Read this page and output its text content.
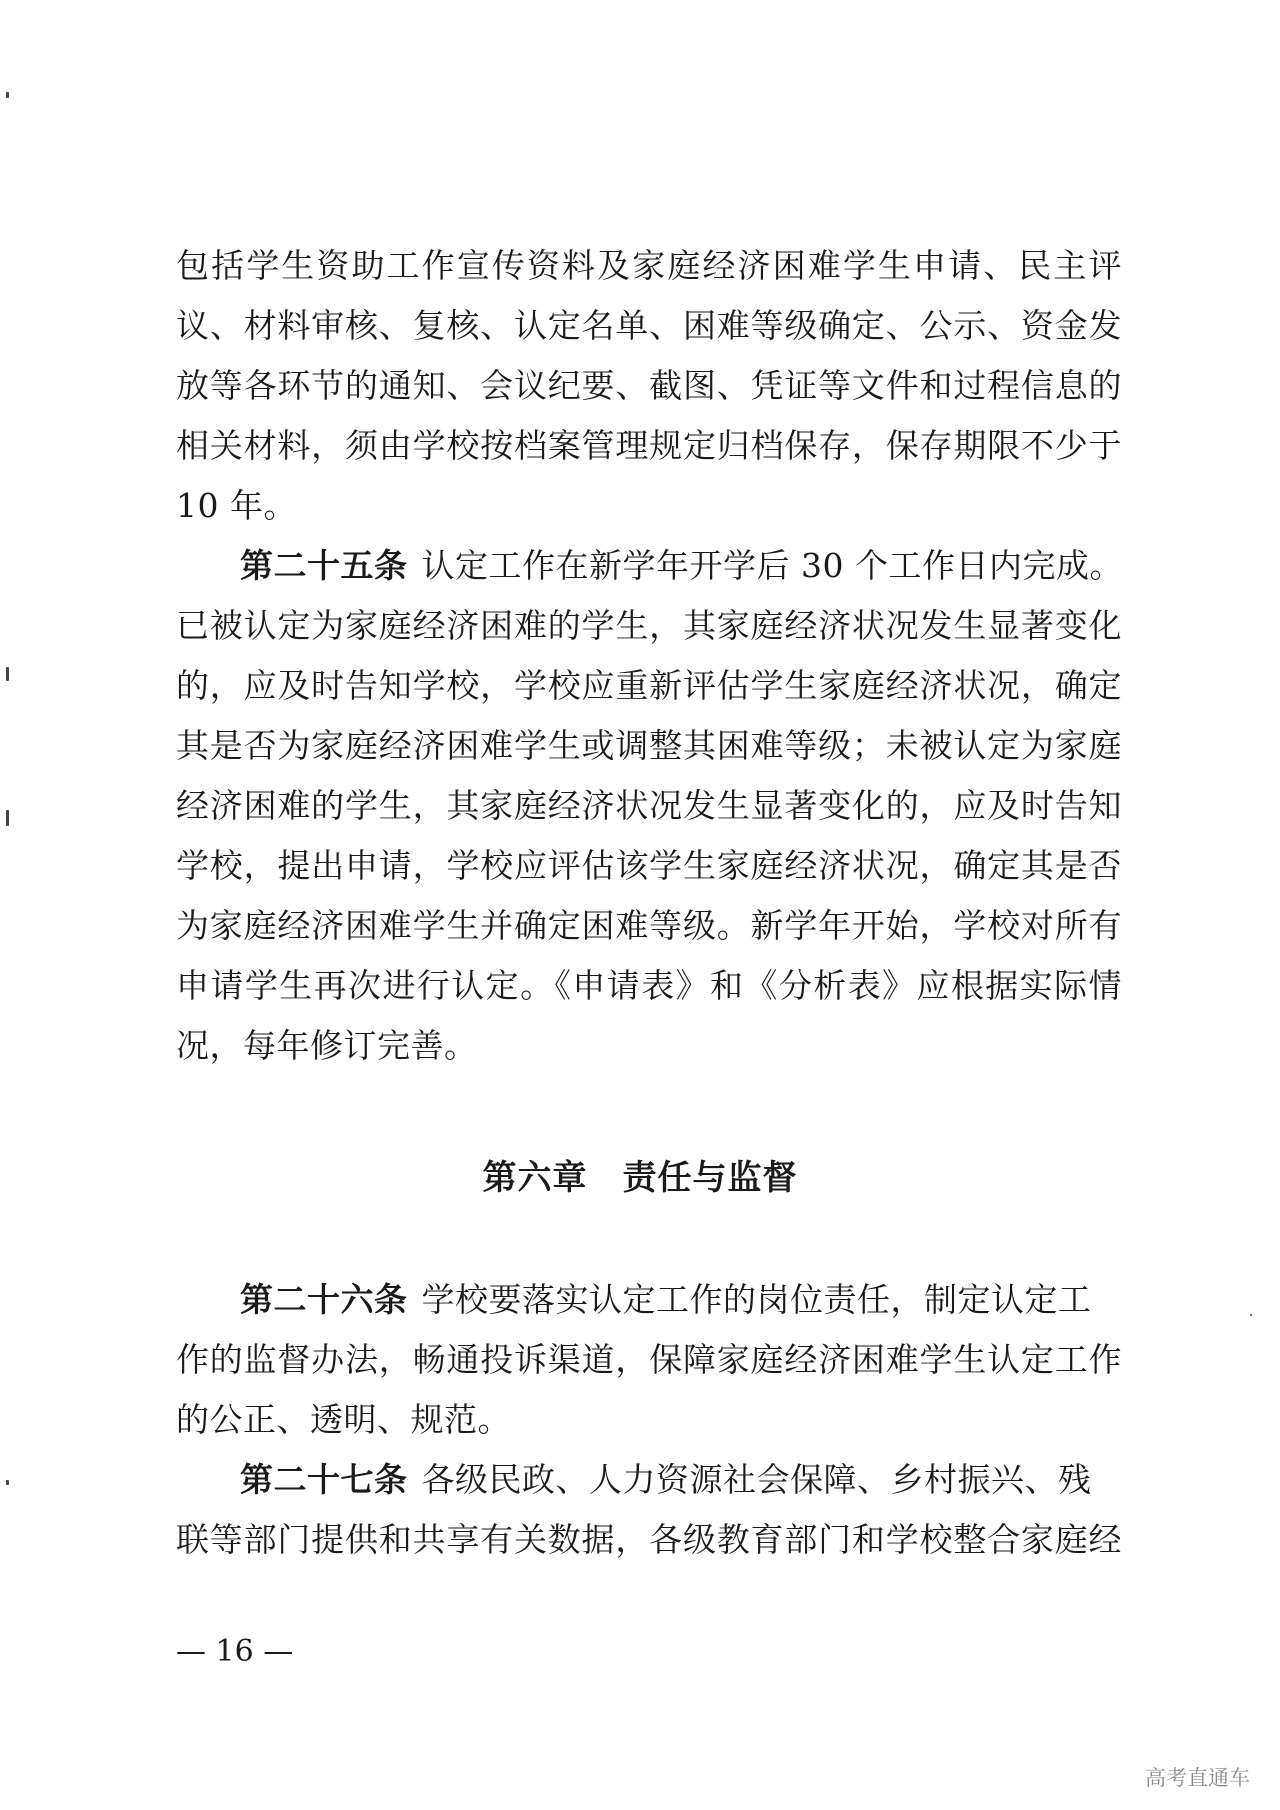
包括学生资助工作宣传资料及家庭经济困难学生申请、民主评
议、材料审核、复核、认定名单、困难等级确定、公示、资金发
放等各环节的通知、会议纪要、截图、凭证等文件和过程信息的
相关材料，须由学校按档案管理规定归档保存，保存期限不少于
10 年。
第二十五条 认定工作在新学年开学后 30 个工作日内完成。
已被认定为家庭经济困难的学生，其家庭经济状况发生显著变化
的，应及时告知学校，学校应重新评估学生家庭经济状况，确定
其是否为家庭经济困难学生或调整其困难等级；未被认定为家庭
经济困难的学生，其家庭经济状况发生显著变化的，应及时告知
学校，提出申请，学校应评估该学生家庭经济状况，确定其是否
为家庭经济困难学生并确定困难等级。新学年开始，学校对所有
申请学生再次进行认定。《申请表》和《分析表》应根据实际情
况，每年修订完善。
第六章　责任与监督
第二十六条 学校要落实认定工作的岗位责任，制定认定工
作的监督办法，畅通投诉渠道，保障家庭经济困难学生认定工作
的公正、透明、规范。
第二十七条 各级民政、人力资源社会保障、乡村振兴、残
联等部门提供和共享有关数据，各级教育部门和学校整合家庭经
— 16 —
高考直通车
